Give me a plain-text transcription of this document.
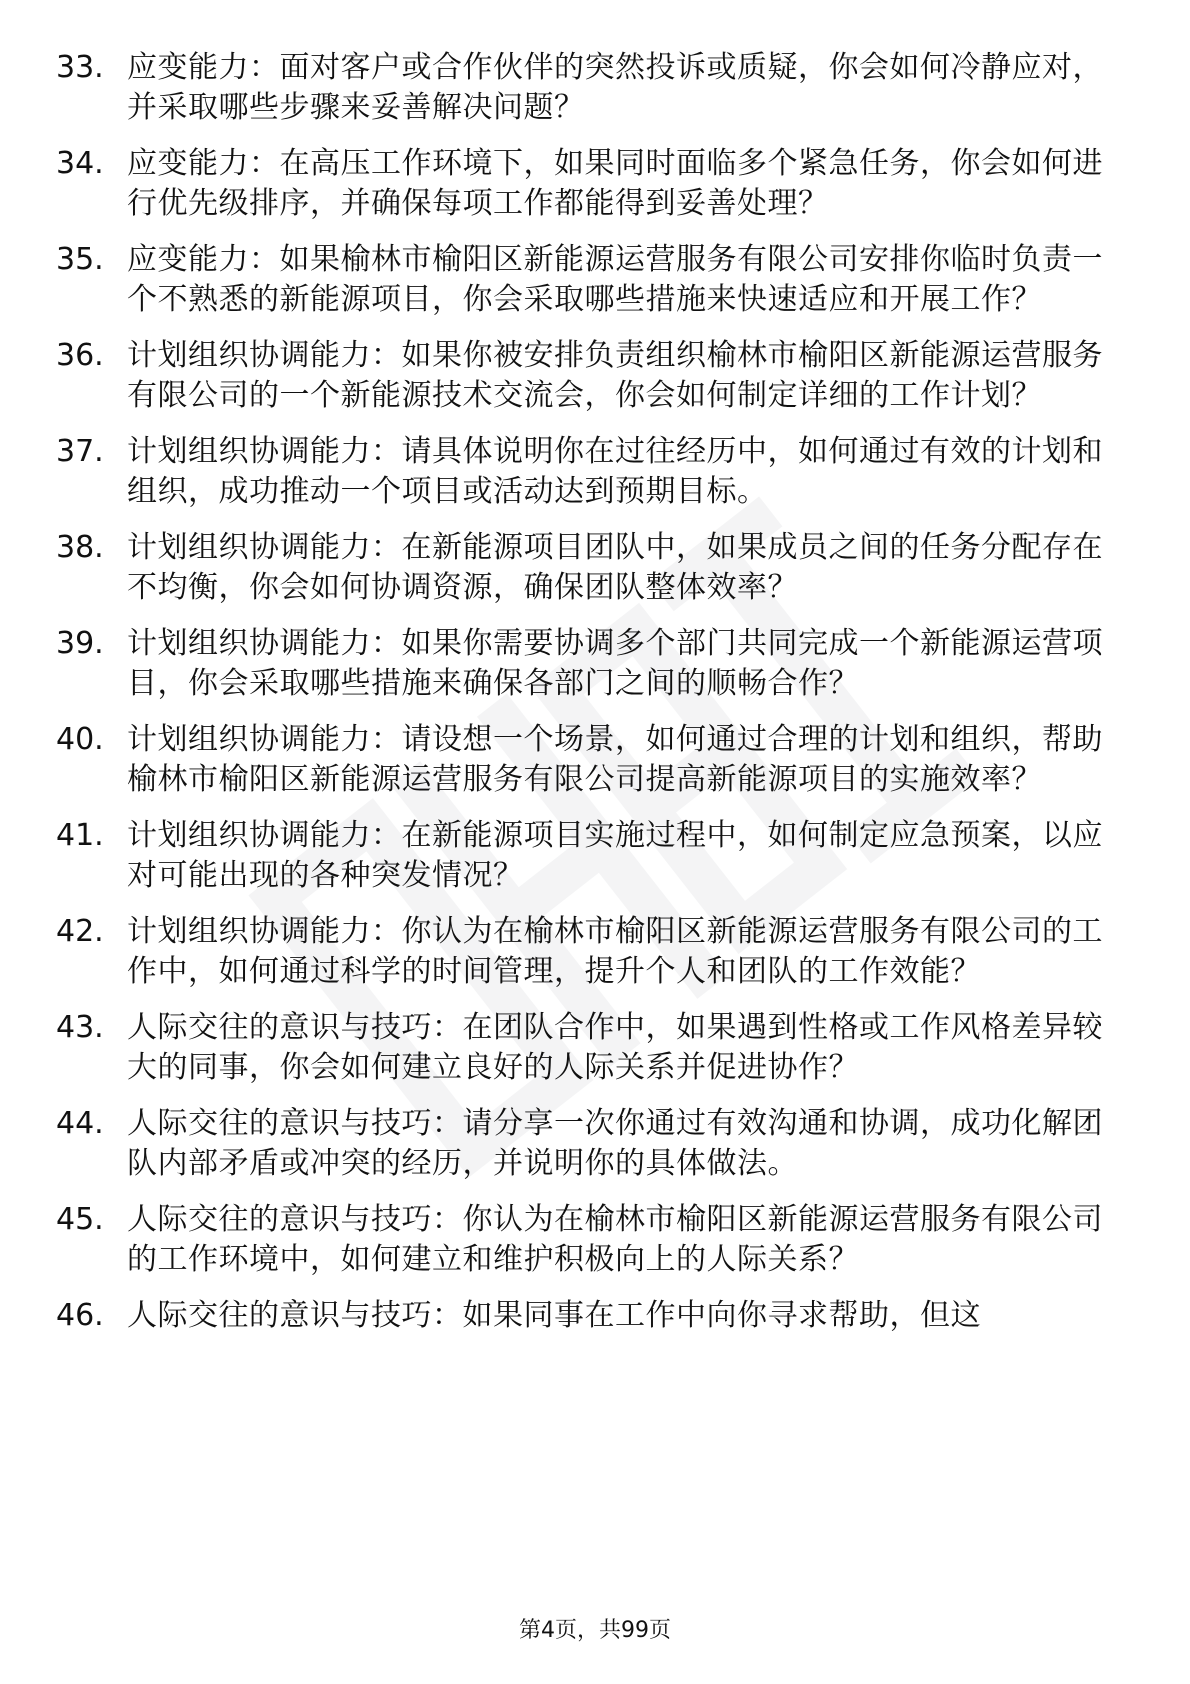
33. 应变能力：面对客户或合作伙伴的突然投诉或质疑，你会如何冷静应对，并采取哪些步骤来妥善解决问题？
34. 应变能力：在高压工作环境下，如果同时面临多个紧急任务，你会如何进行优先级排序，并确保每项工作都能得到妥善处理？
35. 应变能力：如果榆林市榆阳区新能源运营服务有限公司安排你临时负责一个不熟悉的新能源项目，你会采取哪些措施来快速适应和开展工作？
36. 计划组织协调能力：如果你被安排负责组织榆林市榆阳区新能源运营服务有限公司的一个新能源技术交流会，你会如何制定详细的工作计划？
37. 计划组织协调能力：请具体说明你在过往经历中，如何通过有效的计划和组织，成功推动一个项目或活动达到预期目标。
38. 计划组织协调能力：在新能源项目团队中，如果成员之间的任务分配存在不均衡，你会如何协调资源，确保团队整体效率？
39. 计划组织协调能力：如果你需要协调多个部门共同完成一个新能源运营项目，你会采取哪些措施来确保各部门之间的顺畅合作？
40. 计划组织协调能力：请设想一个场景，如何通过合理的计划和组织，帮助榆林市榆阳区新能源运营服务有限公司提高新能源项目的实施效率？
41. 计划组织协调能力：在新能源项目实施过程中，如何制定应急预案，以应对可能出现的各种突发情况？
42. 计划组织协调能力：你认为在榆林市榆阳区新能源运营服务有限公司的工作中，如何通过科学的时间管理，提升个人和团队的工作效能？
43. 人际交往的意识与技巧：在团队合作中，如果遇到性格或工作风格差异较大的同事，你会如何建立良好的人际关系并促进协作？
44. 人际交往的意识与技巧：请分享一次你通过有效沟通和协调，成功化解团队内部矛盾或冲突的经历，并说明你的具体做法。
45. 人际交往的意识与技巧：你认为在榆林市榆阳区新能源运营服务有限公司的工作环境中，如何建立和维护积极向上的人际关系？
46. 人际交往的意识与技巧：如果同事在工作中向你寻求帮助，但这
第4页，共99页
